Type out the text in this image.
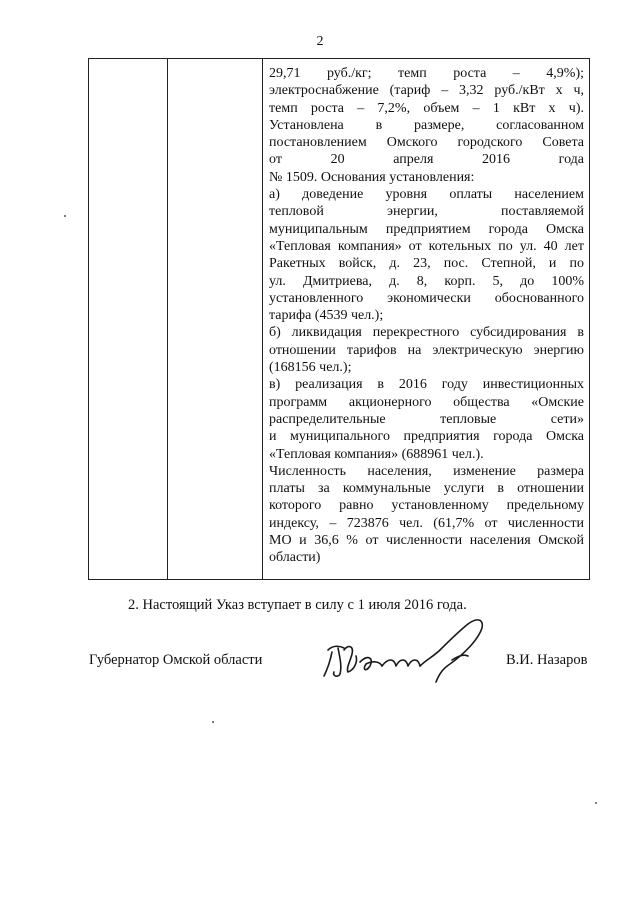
2
29,71 руб./кг; темп роста – 4,9%);
электроснабжение (тариф – 3,32 руб./кВт х ч,
темп роста – 7,2%, объем – 1 кВт х ч).
Установлена в размере, согласованном
постановлением Омского городского Совета
от 20 апреля 2016 года
№ 1509. Основания установления:
а) доведение уровня оплаты населением
тепловой энергии, поставляемой
муниципальным предприятием города Омска
«Тепловая компания» от котельных по ул. 40 лет
Ракетных войск, д. 23, пос. Степной, и по
ул. Дмитриева, д. 8, корп. 5, до 100%
установленного экономически обоснованного
тарифа (4539 чел.);
б) ликвидация перекрестного субсидирования в
отношении тарифов на электрическую энергию
(168156 чел.);
в) реализация в 2016 году инвестиционных
программ акционерного общества «Омские
распределительные тепловые сети»
и муниципального предприятия города Омска
«Тепловая компания» (688961 чел.).
Численность населения, изменение размера
платы за коммунальные услуги в отношении
которого равно установленному предельному
индексу, – 723876 чел. (61,7% от численности
МО и 36,6 % от численности населения Омской
области)
2. Настоящий Указ вступает в силу с 1 июля 2016 года.
Губернатор Омской области	В.И. Назаров
